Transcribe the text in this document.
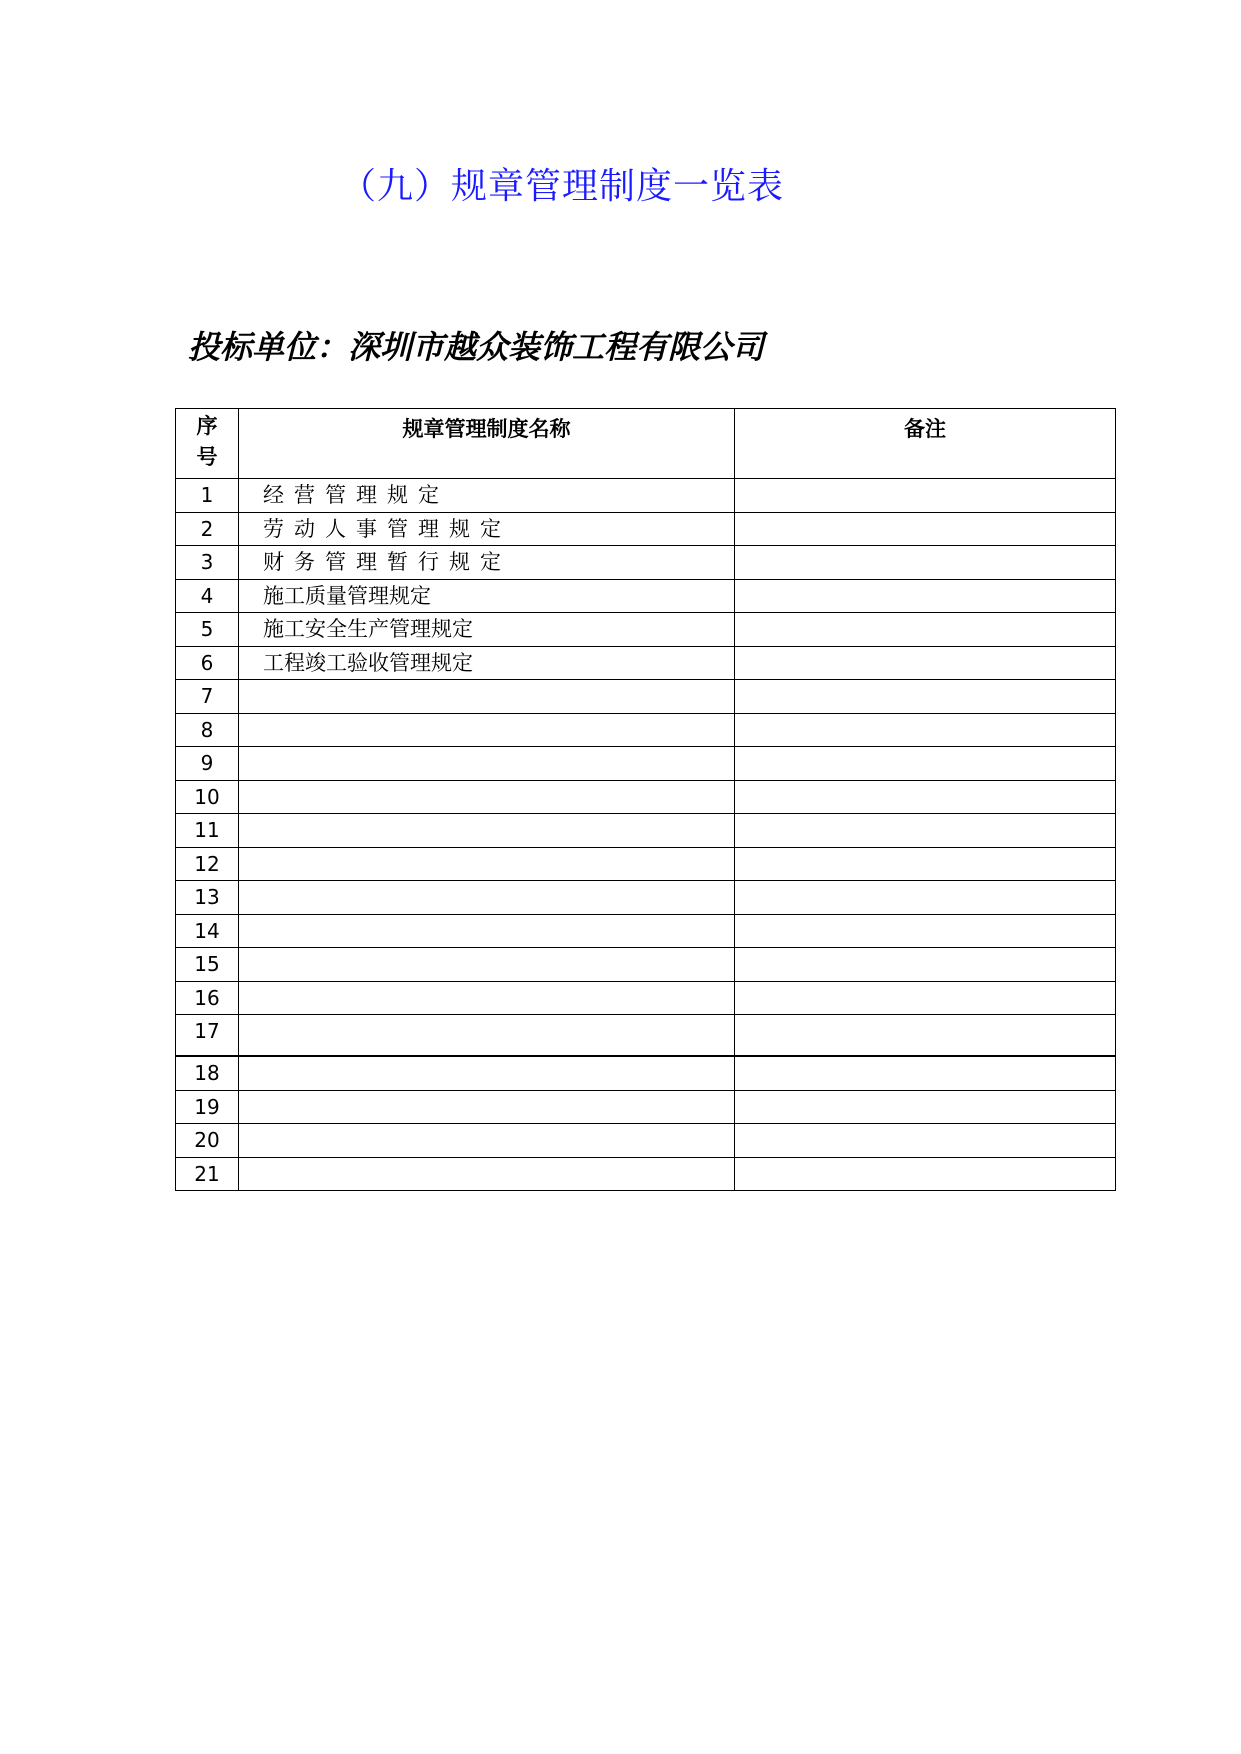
（九）规章管理制度一览表
投标单位：深圳市越众装饰工程有限公司
序
号	规章管理制度名称	备注
1	经营管理规定	
2	劳动人事管理规定	
3	财务管理暂行规定	
4	施工质量管理规定	
5	施工安全生产管理规定	
6	工程竣工验收管理规定	
7		
8		
9		
10		
11		
12		
13		
14		
15		
16		
17		
18		
19		
20		
21		
